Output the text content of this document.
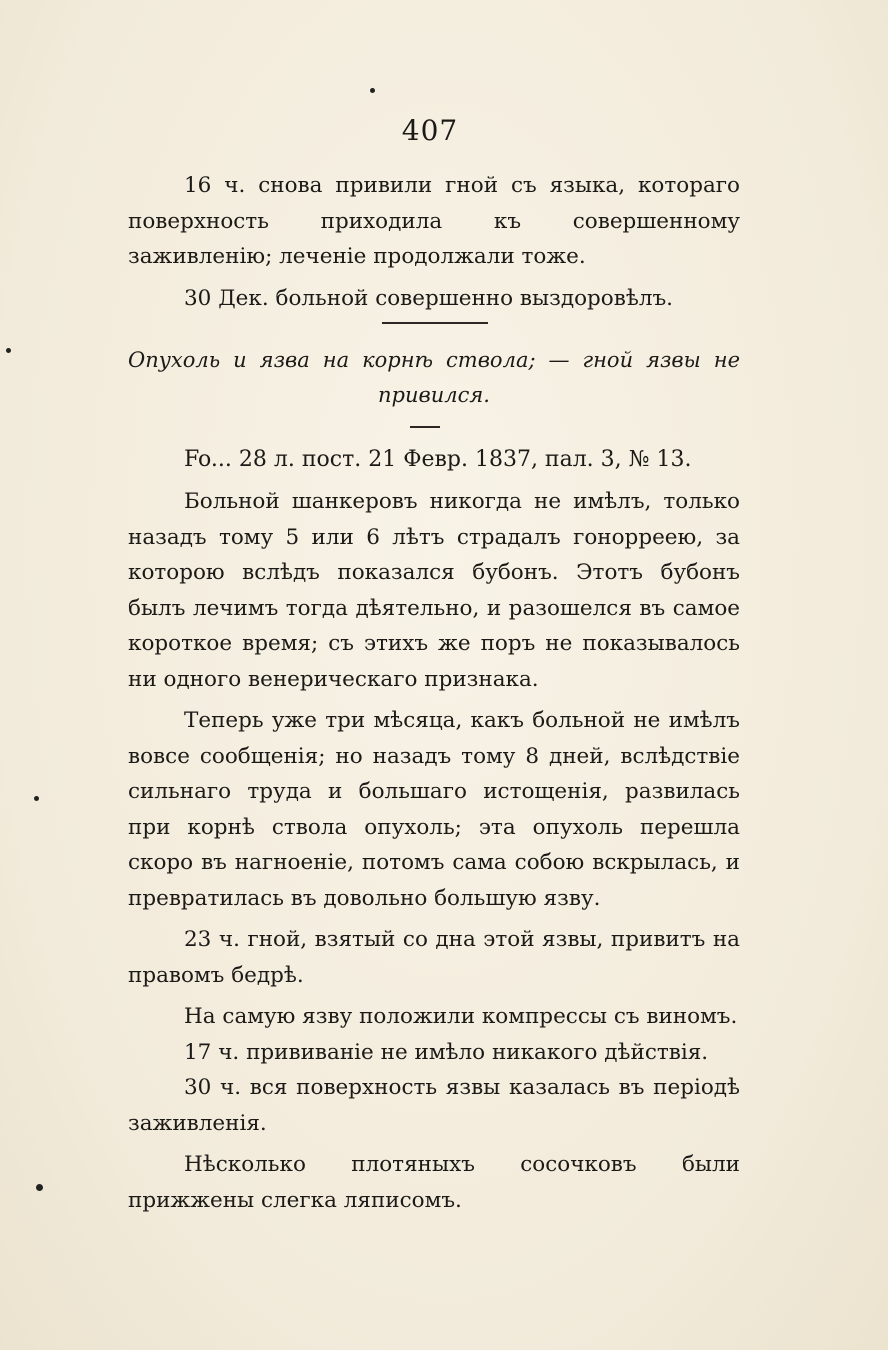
407

16 ч. снова привили гной съ языка, котораго поверхность приходила къ совершенному заживленію; леченіе продолжали тоже.

30 Дек. больной совершенно выздоровѣлъ.

Опухоль и язва на корнѣ ствола; — гной язвы не
привился.
Fo... 28 л. пост. 21 Февр. 1837, пал. 3, № 13.

Больной шанкеровъ никогда не имѣлъ, только назадъ тому 5 или 6 лѣтъ страдалъ гонорреею, за которою вслѣдъ показался бубонъ. Этотъ бубонъ былъ лечимъ тогда дѣятельно, и разошелся въ самое короткое время; съ этихъ же поръ не показывалось ни одного венерическаго признака.

Теперь уже три мѣсяца, какъ больной не имѣлъ вовсе сообщенія; но назадъ тому 8 дней, вслѣдствіе сильнаго труда и большаго истощенія, развилась при корнѣ ствола опухоль; эта опухоль перешла скоро въ нагноеніе, потомъ сама собою вскрылась, и превратилась въ довольно большую язву.

23 ч. гной, взятый со дна этой язвы, привитъ на правомъ бедрѣ.

На самую язву положили компрессы съ виномъ.

17 ч. прививаніе не имѣло никакого дѣйствія.

30 ч. вся поверхность язвы казалась въ періодѣ заживленія.

Нѣсколько плотяныхъ сосочковъ были прижжены слегка ляписомъ.
